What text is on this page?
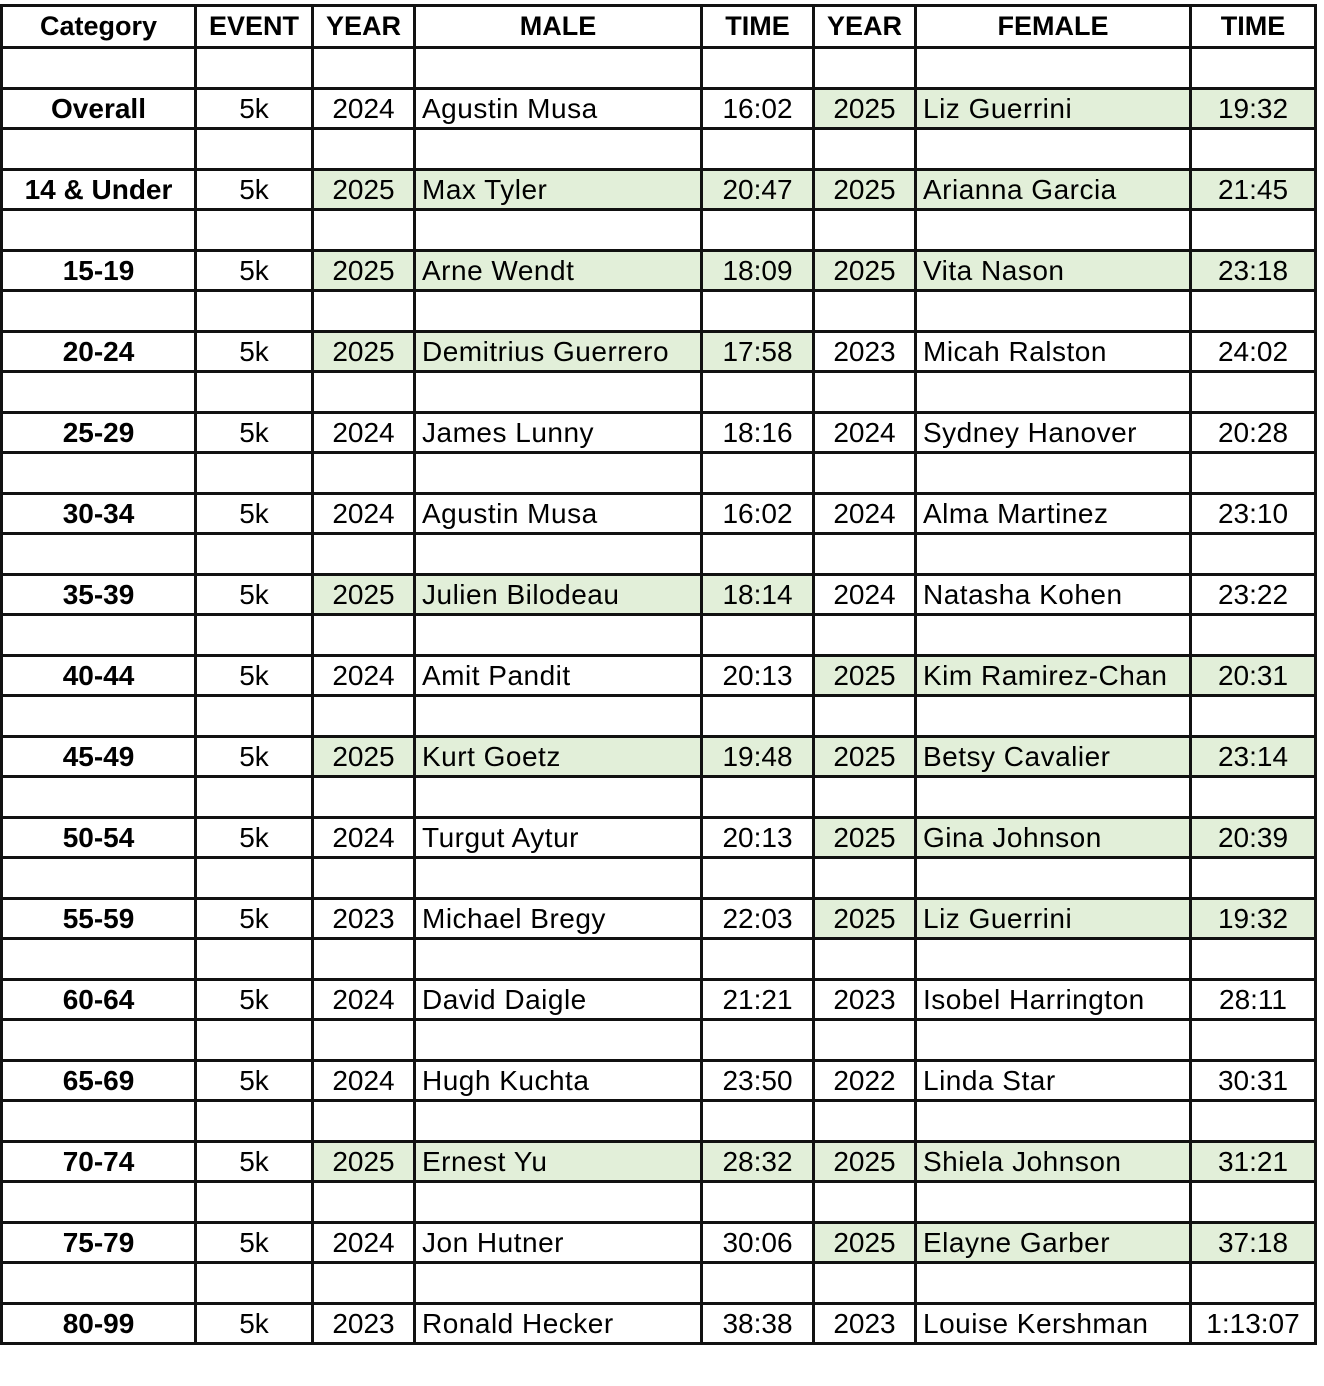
Category	EVENT	YEAR	MALE	TIME	YEAR	FEMALE	TIME

Overall	5k	2024	Agustin Musa	16:02	2025	Liz Guerrini	19:32

14 & Under	5k	2025	Max Tyler	20:47	2025	Arianna Garcia	21:45

15-19	5k	2025	Arne Wendt	18:09	2025	Vita Nason	23:18

20-24	5k	2025	Demitrius Guerrero	17:58	2023	Micah Ralston	24:02

25-29	5k	2024	James Lunny	18:16	2024	Sydney Hanover	20:28

30-34	5k	2024	Agustin Musa	16:02	2024	Alma Martinez	23:10

35-39	5k	2025	Julien Bilodeau	18:14	2024	Natasha Kohen	23:22

40-44	5k	2024	Amit Pandit	20:13	2025	Kim Ramirez-Chan	20:31

45-49	5k	2025	Kurt Goetz	19:48	2025	Betsy Cavalier	23:14

50-54	5k	2024	Turgut Aytur	20:13	2025	Gina Johnson	20:39

55-59	5k	2023	Michael Bregy	22:03	2025	Liz Guerrini	19:32

60-64	5k	2024	David Daigle	21:21	2023	Isobel Harrington	28:11

65-69	5k	2024	Hugh Kuchta	23:50	2022	Linda Star	30:31

70-74	5k	2025	Ernest Yu	28:32	2025	Shiela Johnson	31:21

75-79	5k	2024	Jon Hutner	30:06	2025	Elayne Garber	37:18

80-99	5k	2023	Ronald Hecker	38:38	2023	Louise Kershman	1:13:07
